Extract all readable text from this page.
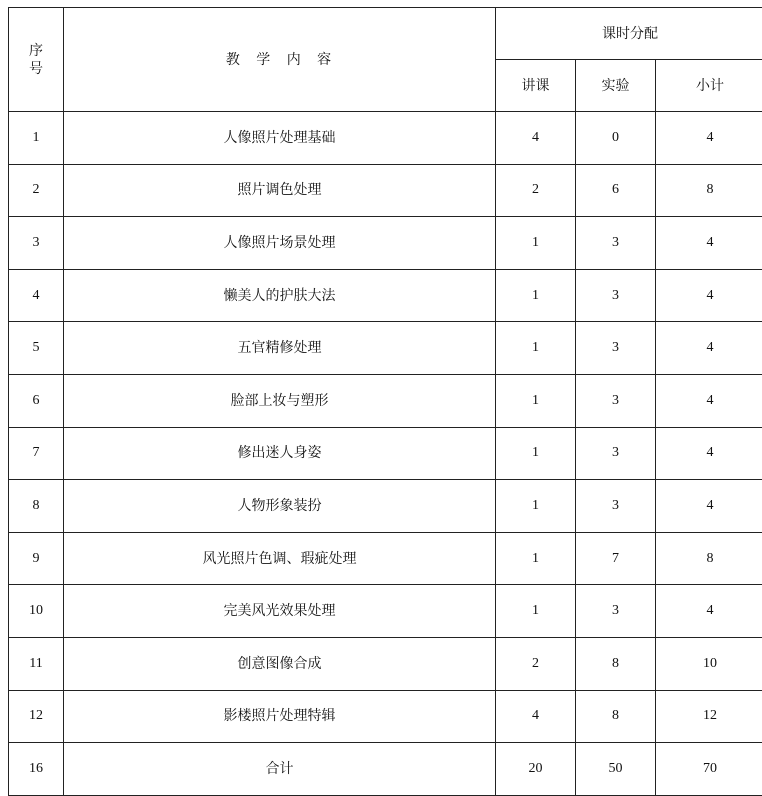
序
号	教 学 内 容	课时分配		
		讲课	实验	小计
1	人像照片处理基础	4	0	4
2	照片调色处理	2	6	8
3	人像照片场景处理	1	3	4
4	懒美人的护肤大法	1	3	4
5	五官精修处理	1	3	4
6	脸部上妆与塑形	1	3	4
7	修出迷人身姿	1	3	4
8	人物形象装扮	1	3	4
9	风光照片色调、瑕疵处理	1	7	8
10	完美风光效果处理	1	3	4
11	创意图像合成	2	8	10
12	影楼照片处理特辑	4	8	12
16	合计	20	50	70
